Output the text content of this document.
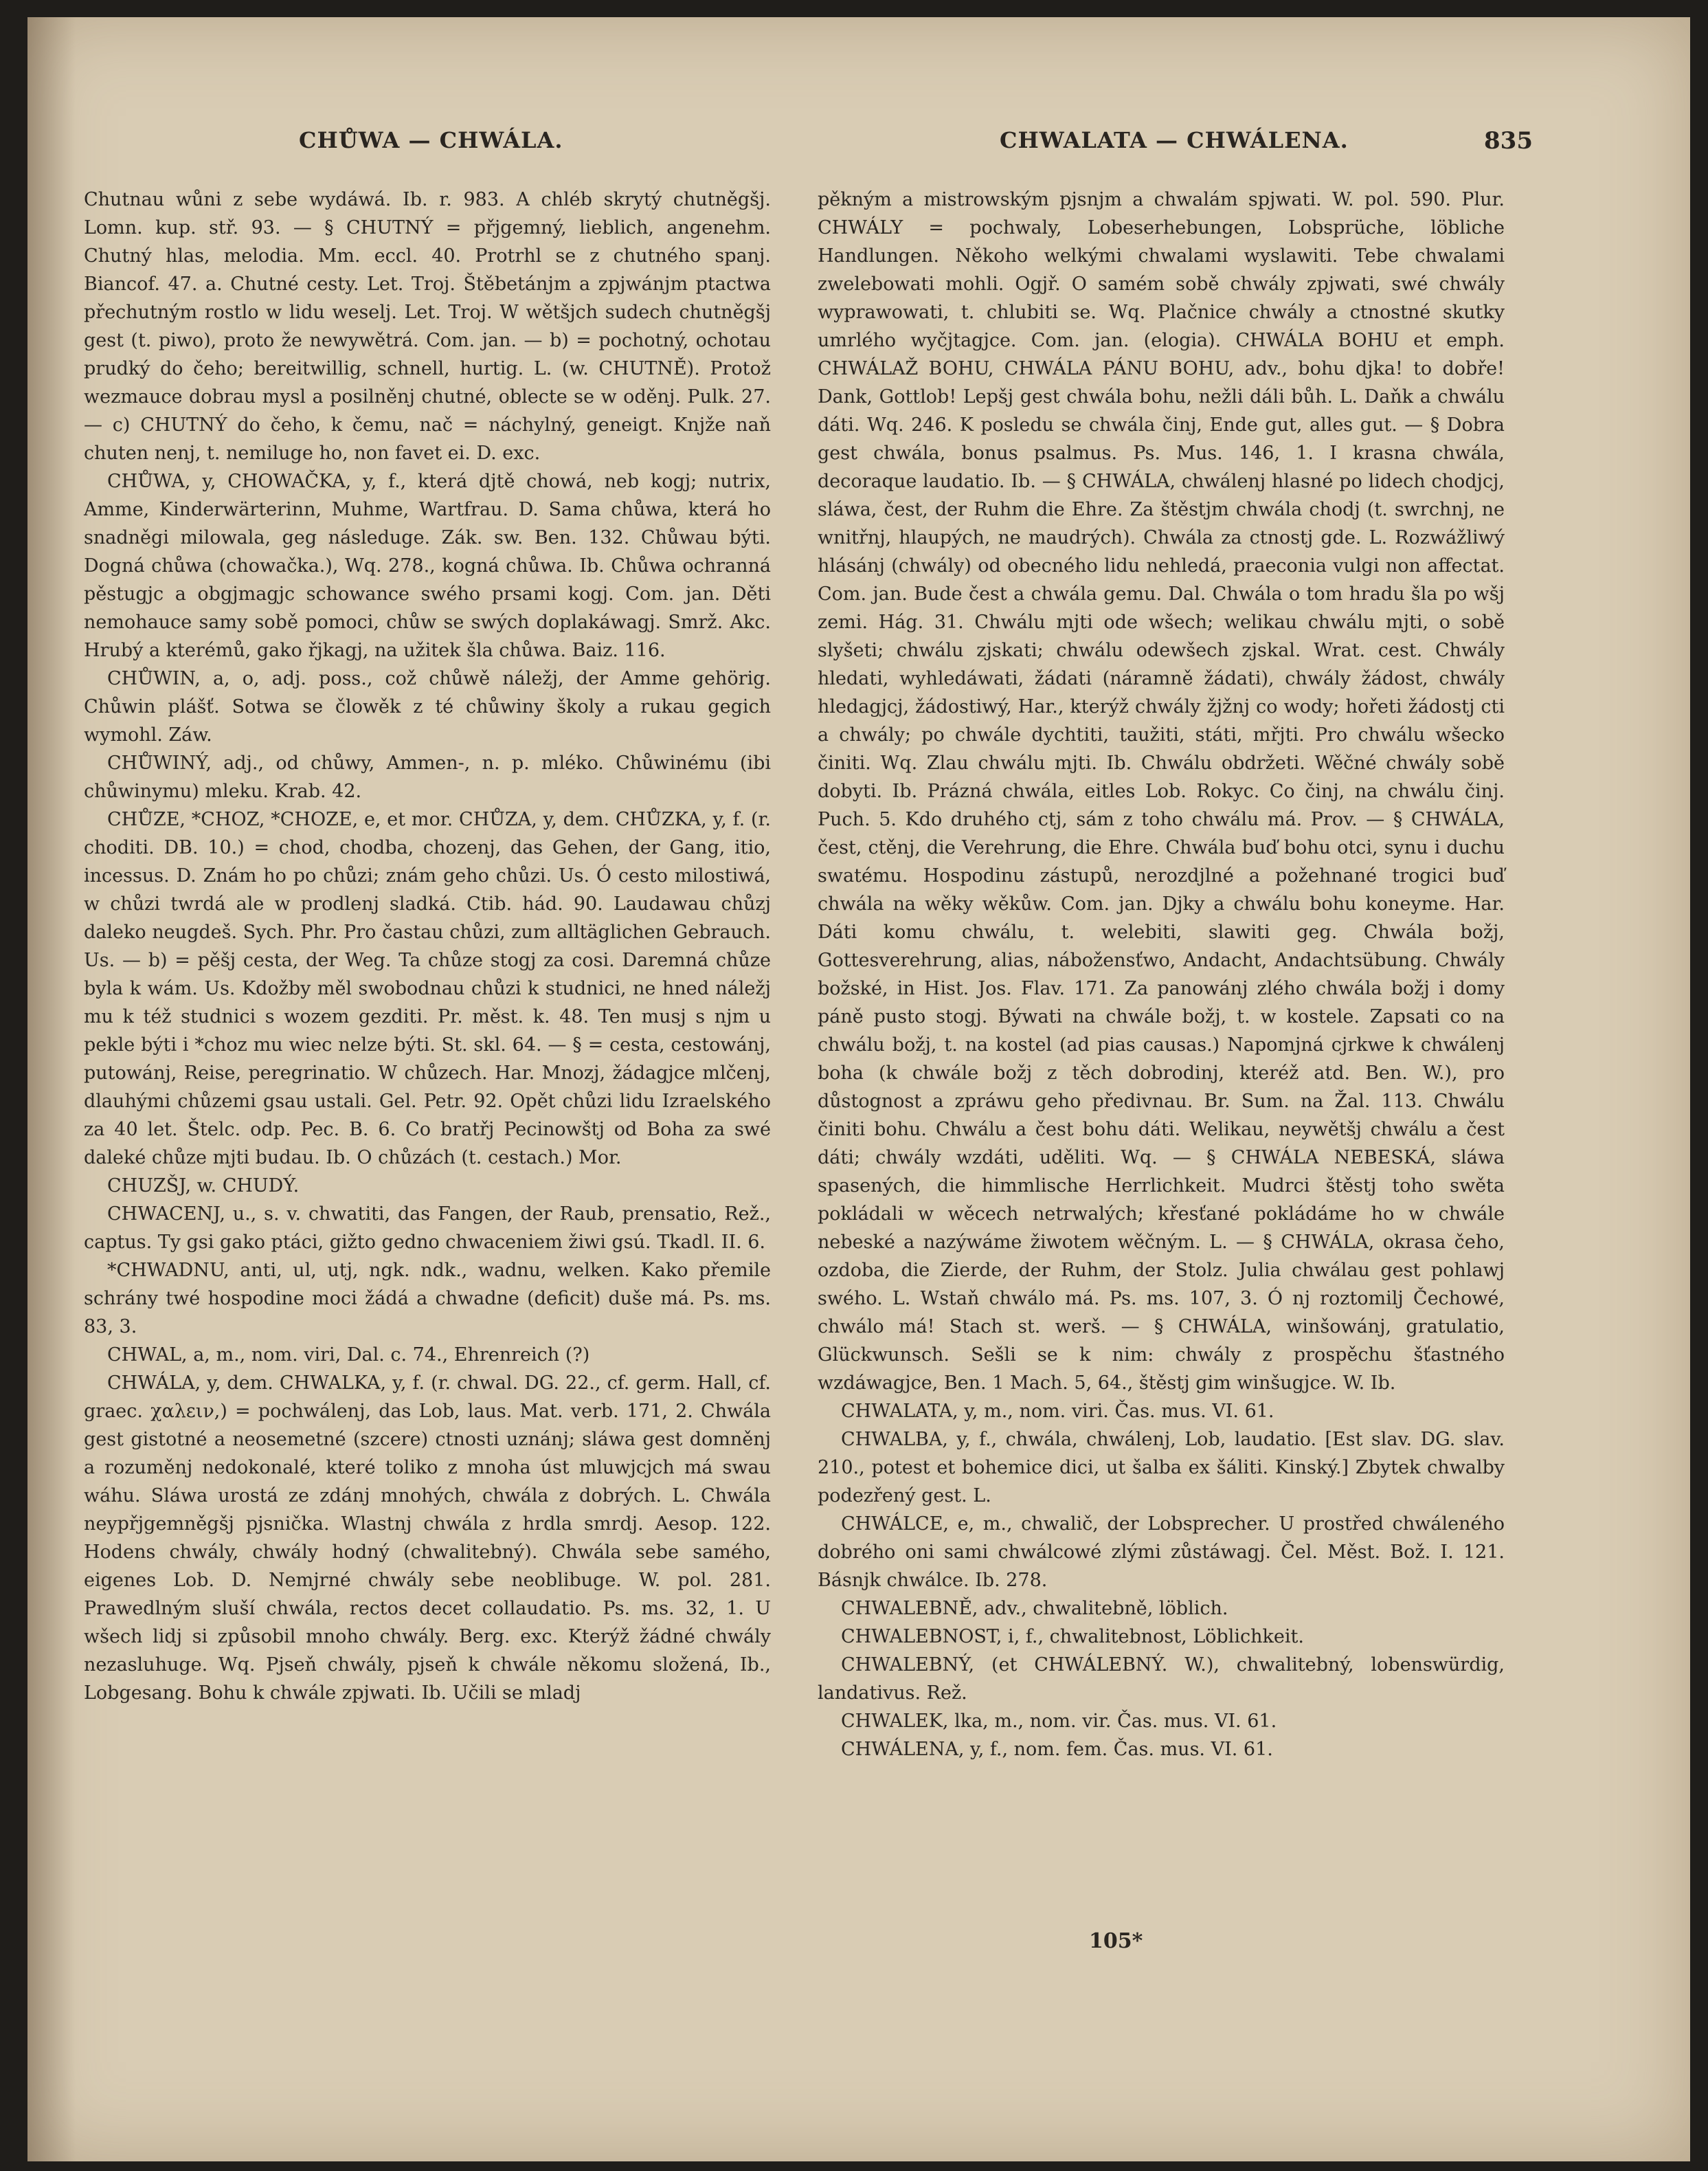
CHŮWA — CHWÁLA.	CHWALATA — CHWÁLENA.	835

Chutnau wůni z sebe wydáwá. Ib. r. 983. A chléb skrytý chutněgšj. Lomn. kup. stř. 93. — § CHUTNÝ = přjgemný, lieblich, angenehm. Chutný hlas, melodia. Mm. eccl. 40. Protrhl se z chutného spanj. Biancof. 47. a. Chutné cesty. Let. Troj. Štěbetánjm a zpjwánjm ptactwa přechutným rostlo w lidu weselj. Let. Troj. W wětšjch sudech chutněgšj gest (t. piwo), proto že newywětrá. Com. jan. — b) = pochotný, ochotau prudký do čeho; bereitwillig, schnell, hurtig. L. (w. CHUTNĚ). Protož wezmauce dobrau mysl a posilněnj chutné, oblecte se w oděnj. Pulk. 27. — c) CHUTNÝ do čeho, k čemu, nač = náchylný, geneigt. Knjže naň chuten nenj, t. nemiluge ho, non favet ei. D. exc.

CHŮWA, y, CHOWAČKA, y, f., která djtě chowá, neb kogj; nutrix, Amme, Kinderwärterinn, Muhme, Wartfrau. D. Sama chůwa, která ho snadněgi milowala, geg následuge. Zák. sw. Ben. 132. Chůwau býti. Dogná chůwa (chowačka.), Wq. 278., kogná chůwa. Ib. Chůwa ochranná pěstugjc a obgjmagjc schowance swého prsami kogj. Com. jan. Děti nemohauce samy sobě pomoci, chůw se swých doplakáwagj. Smrž. Akc. Hrubý a kterémů, gako řjkagj, na užitek šla chůwa. Baiz. 116.

CHŮWIN, a, o, adj. poss., což chůwě náležj, der Amme gehörig. Chůwin plášť. Sotwa se člowěk z té chůwiny školy a rukau gegich wymohl. Záw.

CHŮWINÝ, adj., od chůwy, Ammen-, n. p. mléko. Chůwinému (ibi chůwinymu) mleku. Krab. 42.

CHŮZE, *CHOZ, *CHOZE, e, et mor. CHŮZA, y, dem. CHŮZKA, y, f. (r. choditi. DB. 10.) = chod, chodba, chozenj, das Gehen, der Gang, itio, incessus. D. Znám ho po chůzi; znám geho chůzi. Us. Ó cesto milostiwá, w chůzi twrdá ale w prodlenj sladká. Ctib. hád. 90. Laudawau chůzj daleko neugdeš. Sych. Phr. Pro častau chůzi, zum alltäglichen Gebrauch. Us. — b) = pěšj cesta, der Weg. Ta chůze stogj za cosi. Daremná chůze byla k wám. Us. Kdožby měl swobodnau chůzi k studnici, ne hned náležj mu k též studnici s wozem gezditi. Pr. měst. k. 48. Ten musj s njm u pekle býti i *choz mu wiec nelze býti. St. skl. 64. — § = cesta, cestowánj, putowánj, Reise, peregrinatio. W chůzech. Har. Mnozj, žádagjce mlčenj, dlauhými chůzemi gsau ustali. Gel. Petr. 92. Opět chůzi lidu Izraelského za 40 let. Štelc. odp. Pec. B. 6. Co bratřj Pecinowštj od Boha za swé daleké chůze mjti budau. Ib. O chůzách (t. cestach.) Mor.

CHUZŠJ, w. CHUDÝ.

CHWACENJ, u., s. v. chwatiti, das Fangen, der Raub, prensatio, Rež., captus. Ty gsi gako ptáci, gižto gedno chwaceniem žiwi gsú. Tkadl. II. 6.

*CHWADNU, anti, ul, utj, ngk. ndk., wadnu, welken. Kako přemile schrány twé hospodine moci žádá a chwadne (deficit) duše má. Ps. ms. 83, 3.

CHWAL, a, m., nom. viri, Dal. c. 74., Ehrenreich (?)

CHWÁLA, y, dem. CHWALKA, y, f. (r. chwal. DG. 22., cf. germ. Hall, cf. graec. χαλειν,) = pochwálenj, das Lob, laus. Mat. verb. 171, 2. Chwála gest gistotné a neosemetné (szcere) ctnosti uznánj; sláwa gest domněnj a rozuměnj nedokonalé, které toliko z mnoha úst mluwjcjch má swau wáhu. Sláwa urostá ze zdánj mnohých, chwála z dobrých. L. Chwála neypřjgemněgšj pjsnička. Wlastnj chwála z hrdla smrdj. Aesop. 122. Hodens chwály, chwály hodný (chwalitebný). Chwála sebe samého, eigenes Lob. D. Nemjrné chwály sebe neoblibuge. W. pol. 281. Prawedlným sluší chwála, rectos decet collaudatio. Ps. ms. 32, 1. U wšech lidj si způsobil mnoho chwály. Berg. exc. Kterýž žádné chwály nezasluhuge. Wq. Pjseň chwály, pjseň k chwále někomu složená, Ib., Lobgesang. Bohu k chwále zpjwati. Ib. Učili se mladj

pěkným a mistrowským pjsnjm a chwalám spjwati. W. pol. 590. Plur. CHWÁLY = pochwaly, Lobeserhebungen, Lobsprüche, löbliche Handlungen. Někoho welkými chwalami wyslawiti. Tebe chwalami zwelebowati mohli. Ogjř. O samém sobě chwály zpjwati, swé chwály wyprawowati, t. chlubiti se. Wq. Plačnice chwály a ctnostné skutky umrlého wyčjtagjce. Com. jan. (elogia). CHWÁLA BOHU et emph. CHWÁLAŽ BOHU, CHWÁLA PÁNU BOHU, adv., bohu djka! to dobře! Dank, Gottlob! Lepšj gest chwála bohu, nežli dáli bůh. L. Daňk a chwálu dáti. Wq. 246. K posledu se chwála činj, Ende gut, alles gut. — § Dobra gest chwála, bonus psalmus. Ps. Mus. 146, 1. I krasna chwála, decoraque laudatio. Ib. — § CHWÁLA, chwálenj hlasné po lidech chodjcj, sláwa, čest, der Ruhm die Ehre. Za štěstjm chwála chodj (t. swrchnj, ne wnitřnj, hlaupých, ne maudrých). Chwála za ctnostj gde. L. Rozwážliwý hlásánj (chwály) od obecného lidu nehledá, praeconia vulgi non affectat. Com. jan. Bude čest a chwála gemu. Dal. Chwála o tom hradu šla po wšj zemi. Hág. 31. Chwálu mjti ode wšech; welikau chwálu mjti, o sobě slyšeti; chwálu zjskati; chwálu odewšech zjskal. Wrat. cest. Chwály hledati, wyhledáwati, žádati (náramně žádati), chwály žádost, chwály hledagjcj, žádostiwý, Har., kterýž chwály žjžnj co wody; hořeti žádostj cti a chwály; po chwále dychtiti, taužiti, státi, mřjti. Pro chwálu wšecko činiti. Wq. Zlau chwálu mjti. Ib. Chwálu obdržeti. Wěčné chwály sobě dobyti. Ib. Prázná chwála, eitles Lob. Rokyc. Co činj, na chwálu činj. Puch. 5. Kdo druhého ctj, sám z toho chwálu má. Prov. — § CHWÁLA, čest, ctěnj, die Verehrung, die Ehre. Chwála buď bohu otci, synu i duchu swatému. Hospodinu zástupů, nerozdjlné a požehnané trogici buď chwála na wěky wěkůw. Com. jan. Djky a chwálu bohu koneyme. Har. Dáti komu chwálu, t. welebiti, slawiti geg. Chwála božj, Gottesverehrung, alias, nábožensťwo, Andacht, Andachtsübung. Chwály božské, in Hist. Jos. Flav. 171. Za panowánj zlého chwála božj i domy páně pusto stogj. Býwati na chwále božj, t. w kostele. Zapsati co na chwálu božj, t. na kostel (ad pias causas.) Napomjná cjrkwe k chwálenj boha (k chwále božj z těch dobrodinj, kteréž atd. Ben. W.), pro důstognost a zpráwu geho předivnau. Br. Sum. na Žal. 113. Chwálu činiti bohu. Chwálu a čest bohu dáti. Welikau, neywětšj chwálu a čest dáti; chwály wzdáti, uděliti. Wq. — § CHWÁLA NEBESKÁ, sláwa spasených, die himmlische Herrlichkeit. Mudrci štěstj toho swěta pokládali w wěcech netrwalých; křesťané pokládáme ho w chwále nebeské a nazýwáme žiwotem wěčným. L. — § CHWÁLA, okrasa čeho, ozdoba, die Zierde, der Ruhm, der Stolz. Julia chwálau gest pohlawj swého. L. Wstaň chwálo má. Ps. ms. 107, 3. Ó nj roztomilj Čechowé, chwálo má! Stach st. werš. — § CHWÁLA, winšowánj, gratulatio, Glückwunsch. Sešli se k nim: chwály z prospěchu šťastného wzdáwagjce, Ben. 1 Mach. 5, 64., štěstj gim winšugjce. W. Ib.

CHWALATA, y, m., nom. viri. Čas. mus. VI. 61.

CHWALBA, y, f., chwála, chwálenj, Lob, laudatio. [Est slav. DG. slav. 210., potest et bohemice dici, ut šalba ex šáliti. Kinský.] Zbytek chwalby podezřený gest. L.

CHWÁLCE, e, m., chwalič, der Lobsprecher. U prostřed chwáleného dobrého oni sami chwálcowé zlými zůstáwagj. Čel. Měst. Bož. I. 121. Básnjk chwálce. Ib. 278.

CHWALEBNĚ, adv., chwalitebně, löblich.

CHWALEBNOST, i, f., chwalitebnost, Löblichkeit.

CHWALEBNÝ, (et CHWÁLEBNÝ. W.), chwalitebný, lobenswürdig, landativus. Rež.

CHWALEK, lka, m., nom. vir. Čas. mus. VI. 61.

CHWÁLENA, y, f., nom. fem. Čas. mus. VI. 61.

105*
